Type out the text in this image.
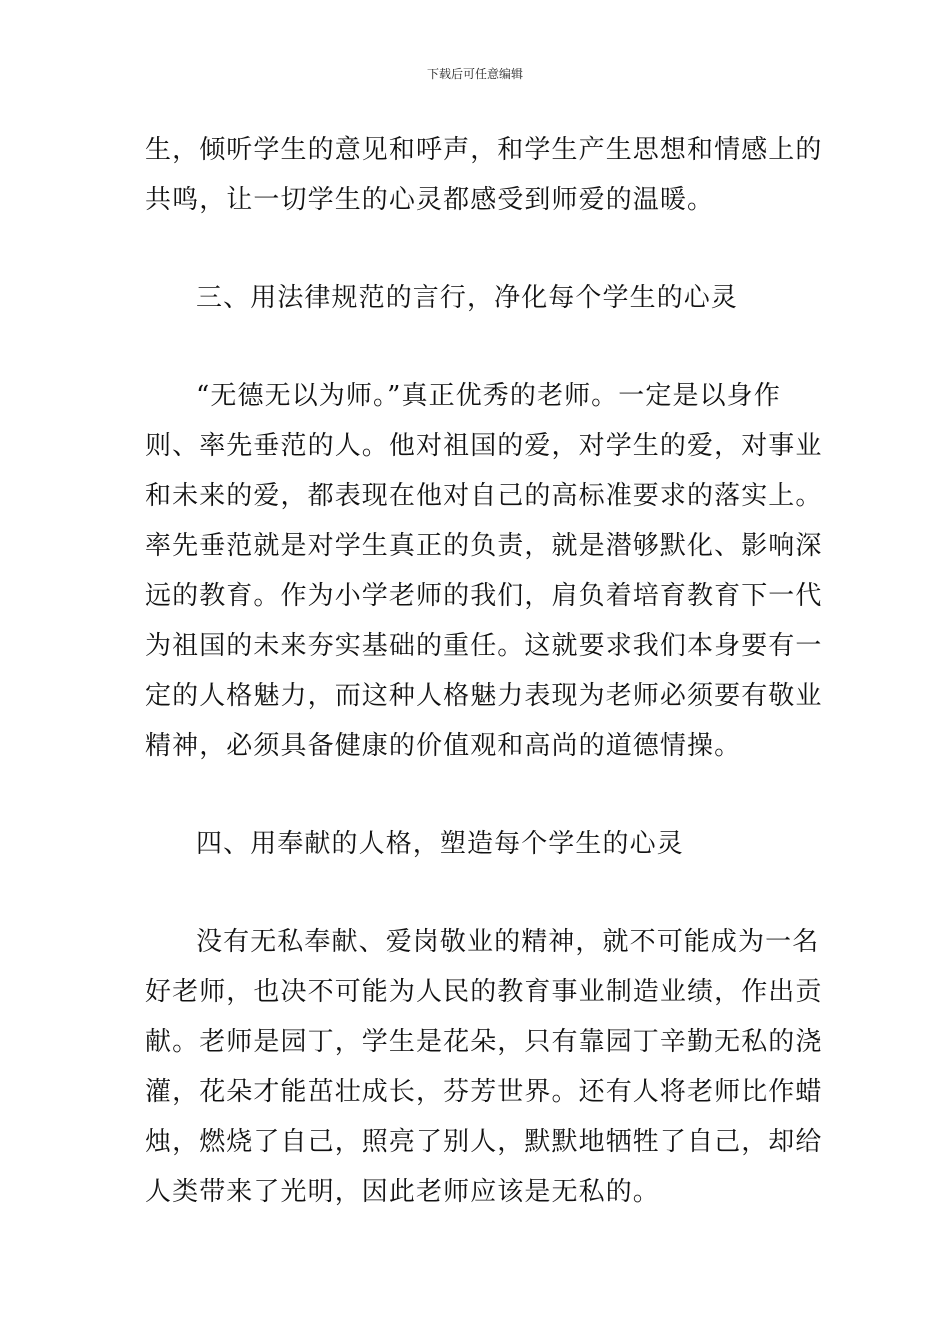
下载后可任意编辑
生，倾听学生的意见和呼声，和学生产生思想和情感上的
共鸣，让一切学生的心灵都感受到师爱的温暖。
三、用法律规范的言行，净化每个学生的心灵
“无德无以为师。”真正优秀的老师。一定是以身作
则、率先垂范的人。他对祖国的爱，对学生的爱，对事业
和未来的爱，都表现在他对自己的高标准要求的落实上。
率先垂范就是对学生真正的负责，就是潜够默化、影响深
远的教育。作为小学老师的我们，肩负着培育教育下一代
为祖国的未来夯实基础的重任。这就要求我们本身要有一
定的人格魅力，而这种人格魅力表现为老师必须要有敬业
精神，必须具备健康的价值观和高尚的道德情操。
四、用奉献的人格，塑造每个学生的心灵
没有无私奉献、爱岗敬业的精神，就不可能成为一名
好老师，也决不可能为人民的教育事业制造业绩，作出贡
献。老师是园丁，学生是花朵，只有靠园丁辛勤无私的浇
灌，花朵才能茁壮成长，芬芳世界。还有人将老师比作蜡
烛，燃烧了自己，照亮了别人，默默地牺牲了自己，却给
人类带来了光明，因此老师应该是无私的。
